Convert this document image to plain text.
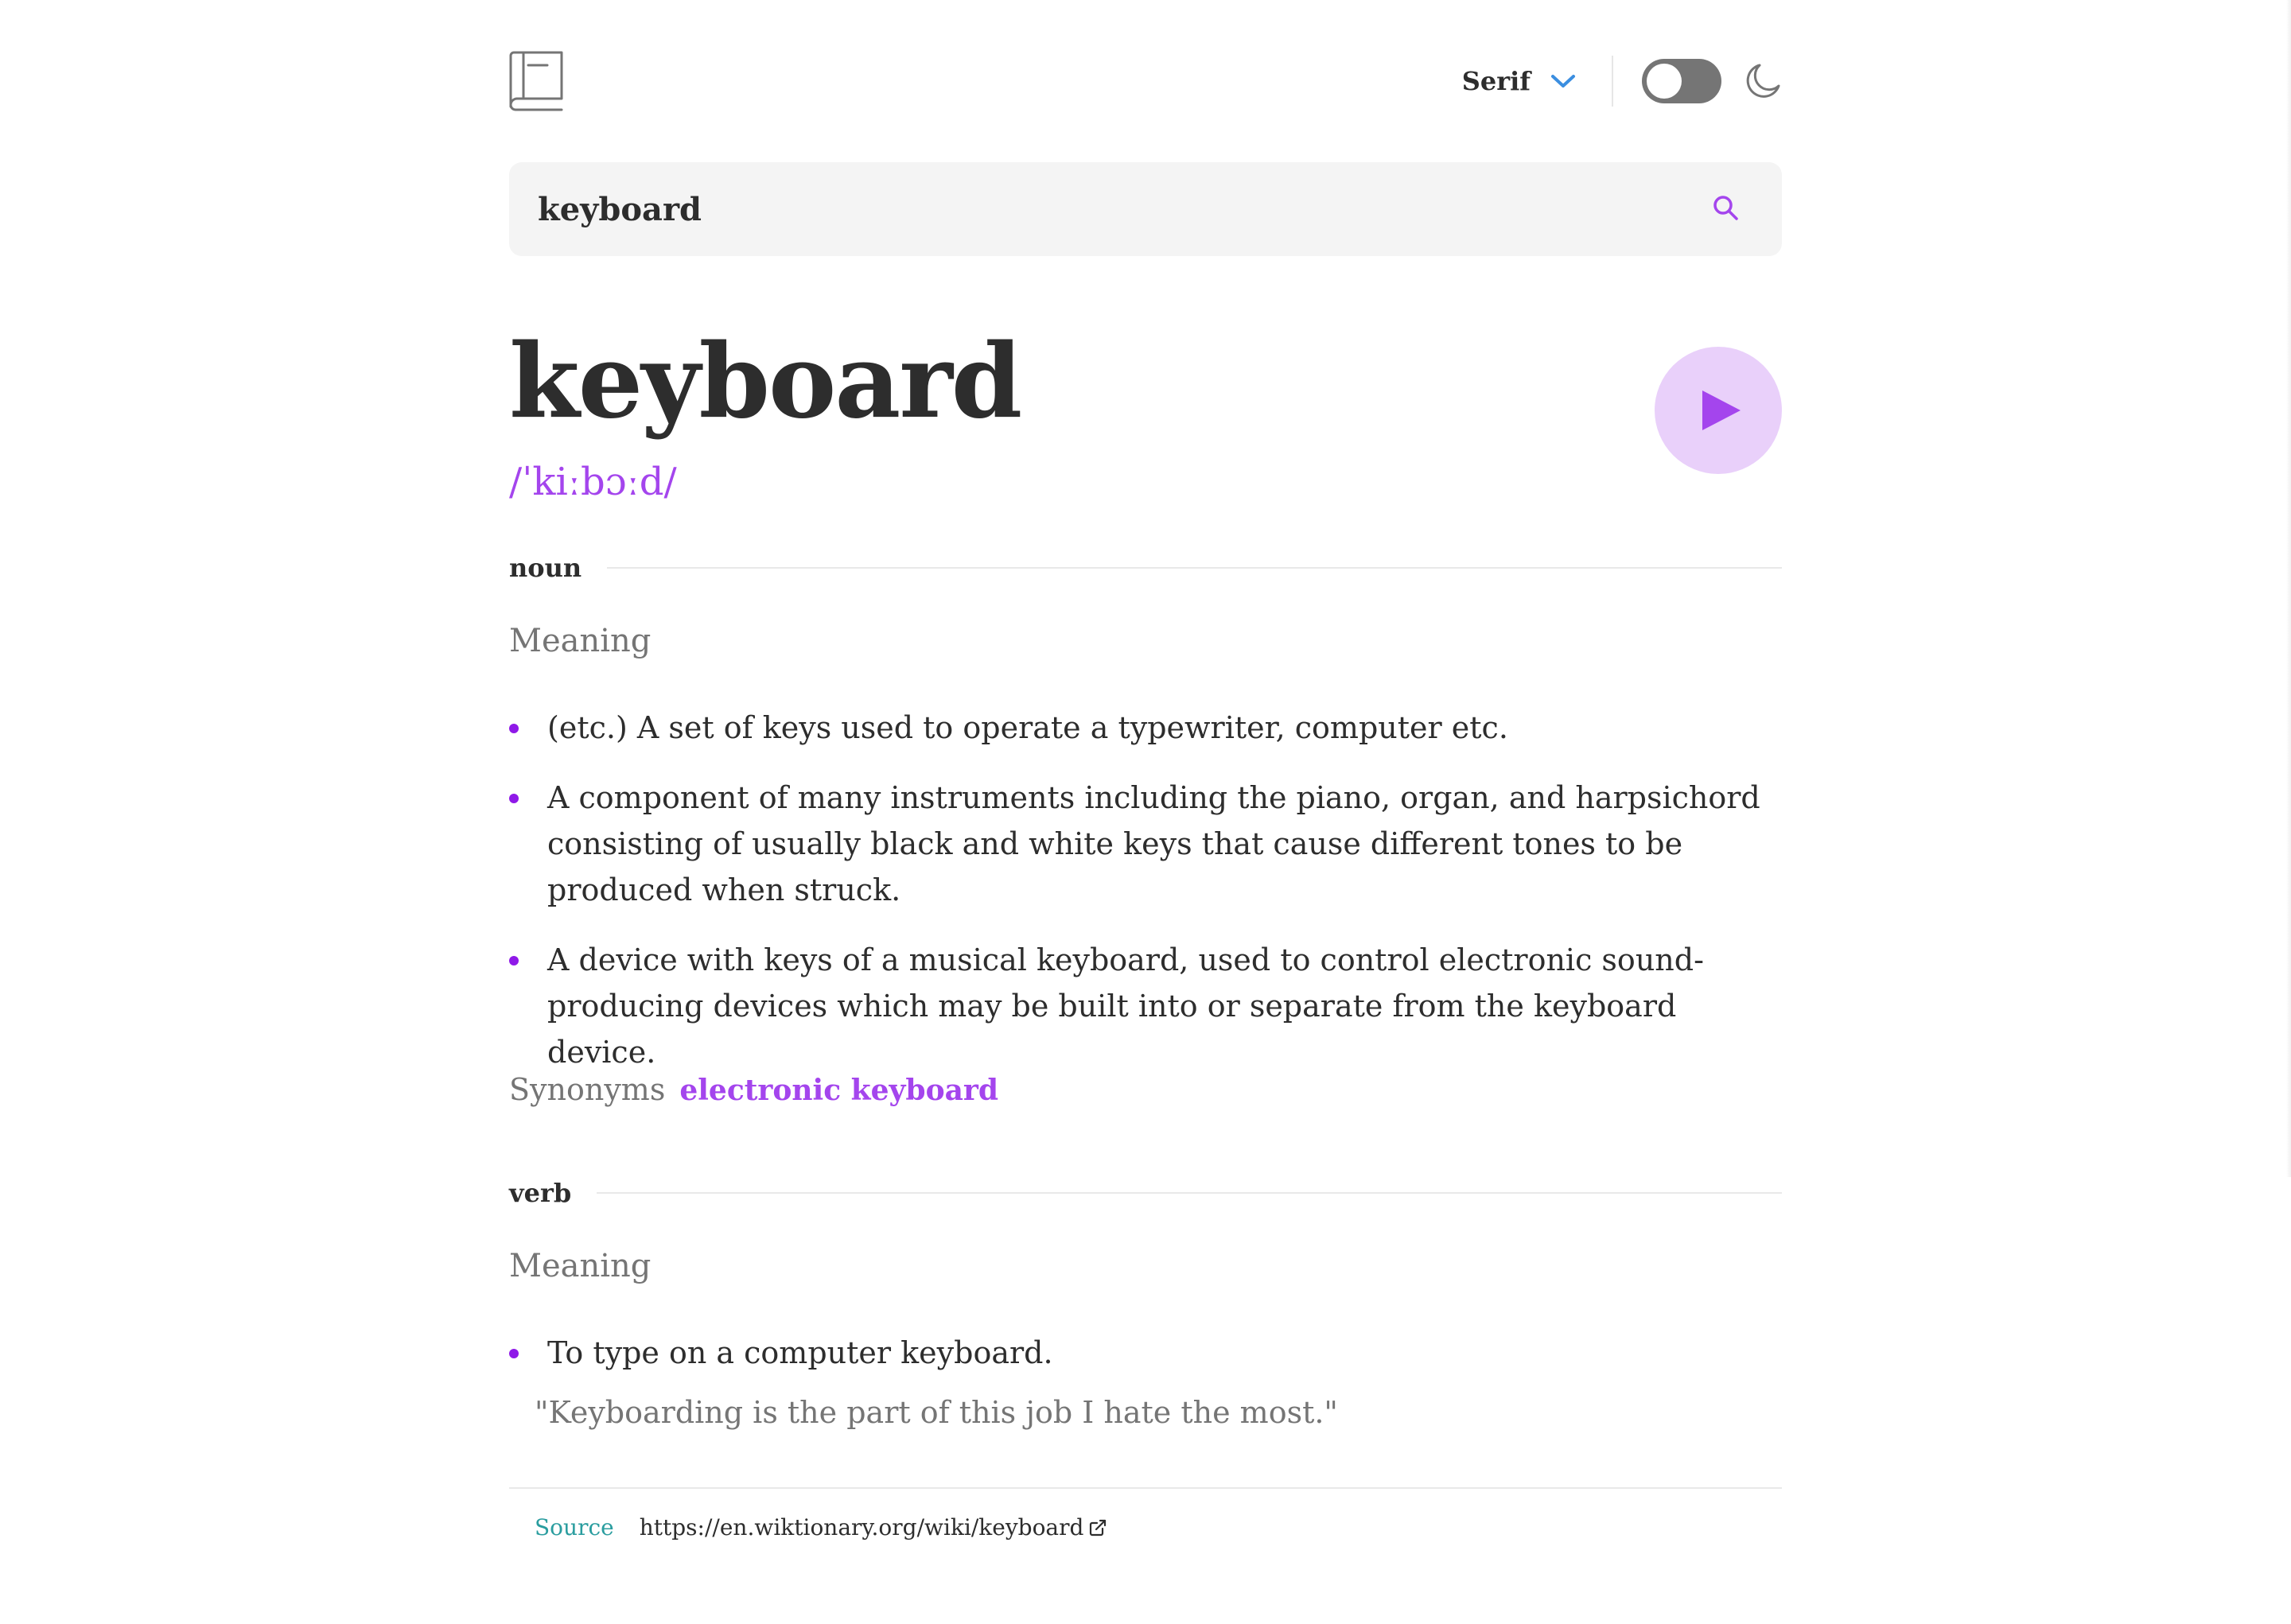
Serif
keyboard
keyboard
/ˈkiːbɔːd/
noun
Meaning
(etc.) A set of keys used to operate a typewriter, computer etc.
A component of many instruments including the piano, organ, and harpsichord consisting of usually black and white keys that cause different tones to be produced when struck.
A device with keys of a musical keyboard, used to control electronic sound-producing devices which may be built into or separate from the keyboard device.
Synonyms electronic keyboard
verb
Meaning
To type on a computer keyboard.
"Keyboarding is the part of this job I hate the most."
Source https://en.wiktionary.org/wiki/keyboard
